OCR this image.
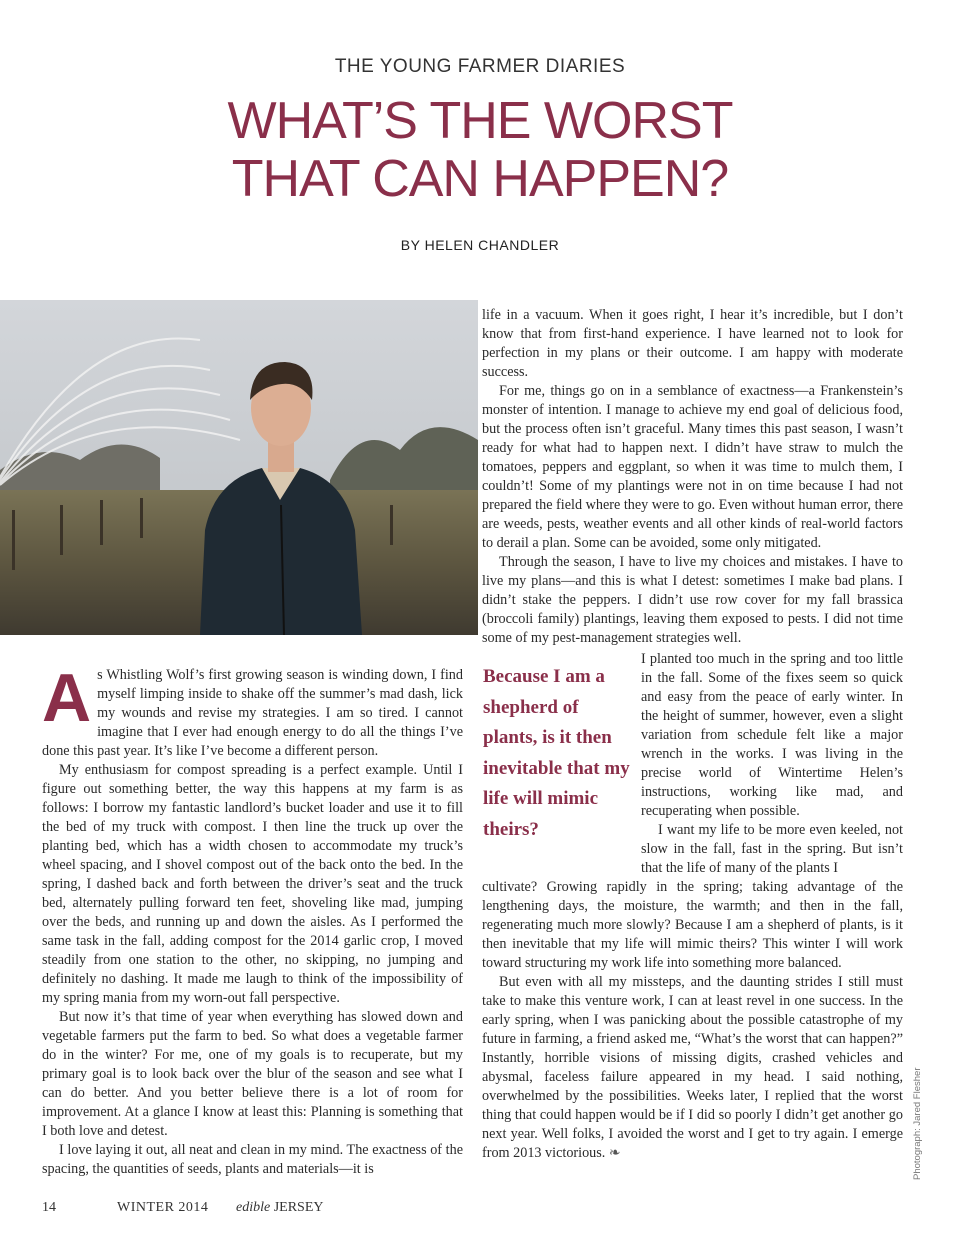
THE YOUNG FARMER DIARIES
WHAT’S THE WORST
THAT CAN HAPPEN?
BY HELEN CHANDLER
A s Whistling Wolf’s first growing season is winding down, I find myself limping inside to shake off the summer’s mad dash, lick my wounds and revise my strategies. I am so tired. I cannot imagine that I ever had enough energy to do all the things I’ve done this past year. It’s like I’ve become a different person.

My enthusiasm for compost spreading is a perfect example. Until I figure out something better, the way this happens at my farm is as follows: I borrow my fantastic landlord’s bucket loader and use it to fill the bed of my truck with compost. I then line the truck up over the planting bed, which has a width chosen to accommodate my truck’s wheel spacing, and I shovel compost out of the back onto the bed. In the spring, I dashed back and forth between the driver’s seat and the truck bed, alternately pulling forward ten feet, shoveling like mad, jumping over the beds, and running up and down the aisles. As I performed the same task in the fall, adding compost for the 2014 garlic crop, I moved steadily from one station to the other, no skipping, no jumping and definitely no dashing. It made me laugh to think of the impossibility of my spring mania from my worn-out fall perspective.

But now it’s that time of year when everything has slowed down and vegetable farmers put the farm to bed. So what does a vegetable farmer do in the winter? For me, one of my goals is to recuperate, but my primary goal is to look back over the blur of the season and see what I can do better. And you better believe there is a lot of room for improvement. At a glance I know at least this: Planning is something that I both love and detest.

I love laying it out, all neat and clean in my mind. The exactness of the spacing, the quantities of seeds, plants and materials—it is

life in a vacuum. When it goes right, I hear it’s incredible, but I don’t know that from first-hand experience. I have learned not to look for perfection in my plans or their outcome. I am happy with moderate success.

For me, things go on in a semblance of exactness—a Frankenstein’s monster of intention. I manage to achieve my end goal of delicious food, but the process often isn’t graceful. Many times this past season, I wasn’t ready for what had to happen next. I didn’t have straw to mulch the tomatoes, peppers and eggplant, so when it was time to mulch them, I couldn’t! Some of my plantings were not in on time because I had not prepared the field where they were to go. Even without human error, there are weeds, pests, weather events and all other kinds of real-world factors to derail a plan. Some can be avoided, some only mitigated.

Through the season, I have to live my choices and mistakes. I have to live my plans—and this is what I detest: sometimes I make bad plans. I didn’t stake the peppers. I didn’t use row cover for my fall brassica (broccoli family) plantings, leaving them exposed to pests. I did not time some of my pest-management strategies well.

Because I am a shepherd of plants, is it then inevitable that my life will mimic theirs?

I planted too much in the spring and too little in the fall. Some of the fixes seem so quick and easy from the peace of early winter. In the height of summer, however, even a slight variation from schedule felt like a major wrench in the works. I was living in the precise world of Wintertime Helen’s instructions, working like mad, and recuperating when possible.

I want my life to be more even keeled, not slow in the fall, fast in the spring. But isn’t that the life of many of the plants I

cultivate? Growing rapidly in the spring; taking advantage of the lengthening days, the moisture, the warmth; and then in the fall, regenerating much more slowly? Because I am a shepherd of plants, is it then inevitable that my life will mimic theirs? This winter I will work toward structuring my work life into something more balanced.

But even with all my missteps, and the daunting strides I still must take to make this venture work, I can at least revel in one success. In the early spring, when I was panicking about the possible catastrophe of my future in farming, a friend asked me, “What’s the worst that can happen?” Instantly, horrible visions of missing digits, crashed vehicles and abysmal, faceless failure appeared in my head. I said nothing, overwhelmed by the possibilities. Weeks later, I replied that the worst thing that could happen would be if I did so poorly I didn’t get another go next year. Well folks, I avoided the worst and I get to try again. I emerge from 2013 victorious. ❧	Photograph: Jared Flesher
14	WINTER 2014 edible JERSEY
